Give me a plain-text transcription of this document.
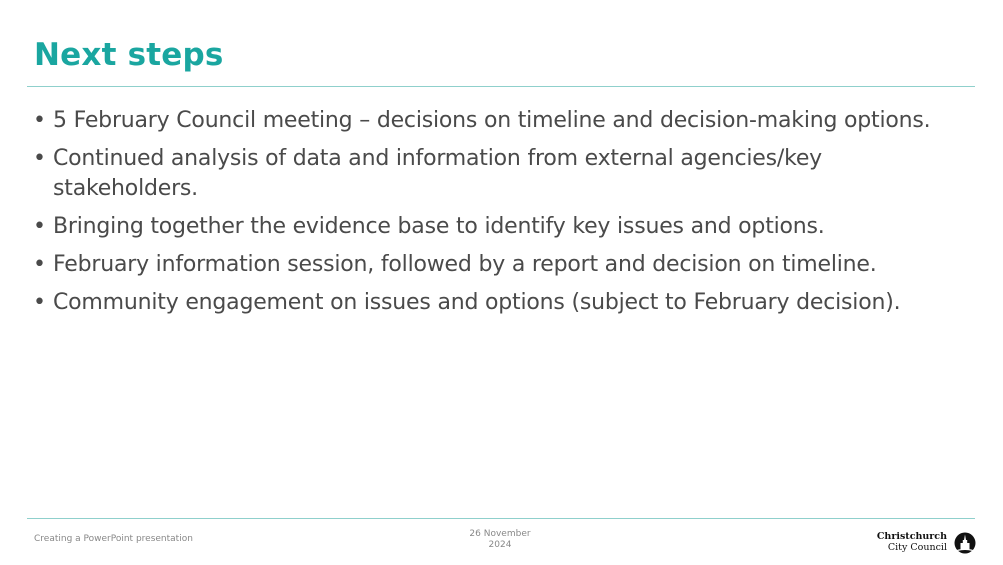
Next steps
• 5 February Council meeting – decisions on timeline and decision-making options.
• Continued analysis of data and information from external agencies/key stakeholders.
• Bringing together the evidence base to identify key issues and options.
• February information session, followed by a report and decision on timeline.
• Community engagement on issues and options (subject to February decision).
Creating a PowerPoint presentation	26 November
2024
Christchurch
City Council
